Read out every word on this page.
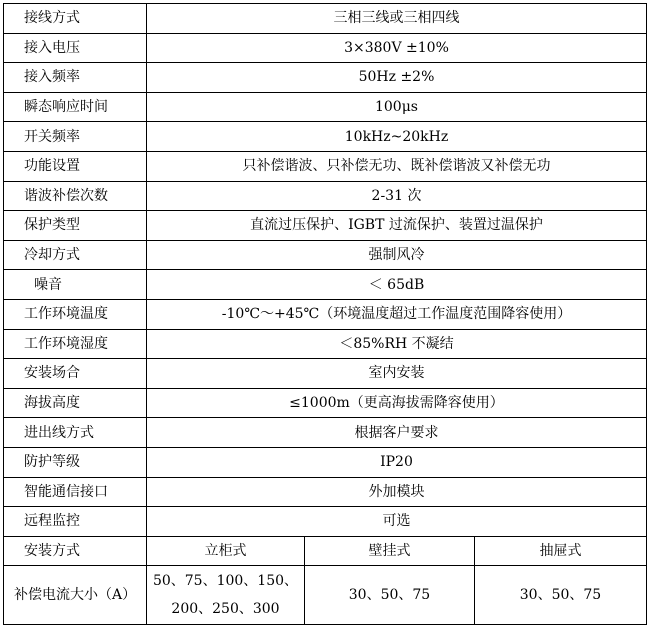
接线方式	三相三线或三相四线		
接入电压	3×380V ±10%		
接入频率	50Hz ±2%		
瞬态响应时间	100μs		
开关频率	10kHz~20kHz		
功能设置	只补偿谐波、只补偿无功、既补偿谐波又补偿无功		
谐波补偿次数	2-31 次		
保护类型	直流过压保护、IGBT 过流保护、装置过温保护		
冷却方式	强制风冷		
噪音	＜ 65dB		
工作环境温度	-10℃～+45℃（环境温度超过工作温度范围降容使用）		
工作环境湿度	＜85%RH 不凝结		
安装场合	室内安装		
海拔高度	≤1000m（更高海拔需降容使用）		
进出线方式	根据客户要求		
防护等级	IP20		
智能通信接口	外加模块		
远程监控	可选		
安装方式	立柜式	壁挂式	抽屉式
补偿电流大小（A）	50、75、100、150、200、250、300	30、50、75	30、50、75
